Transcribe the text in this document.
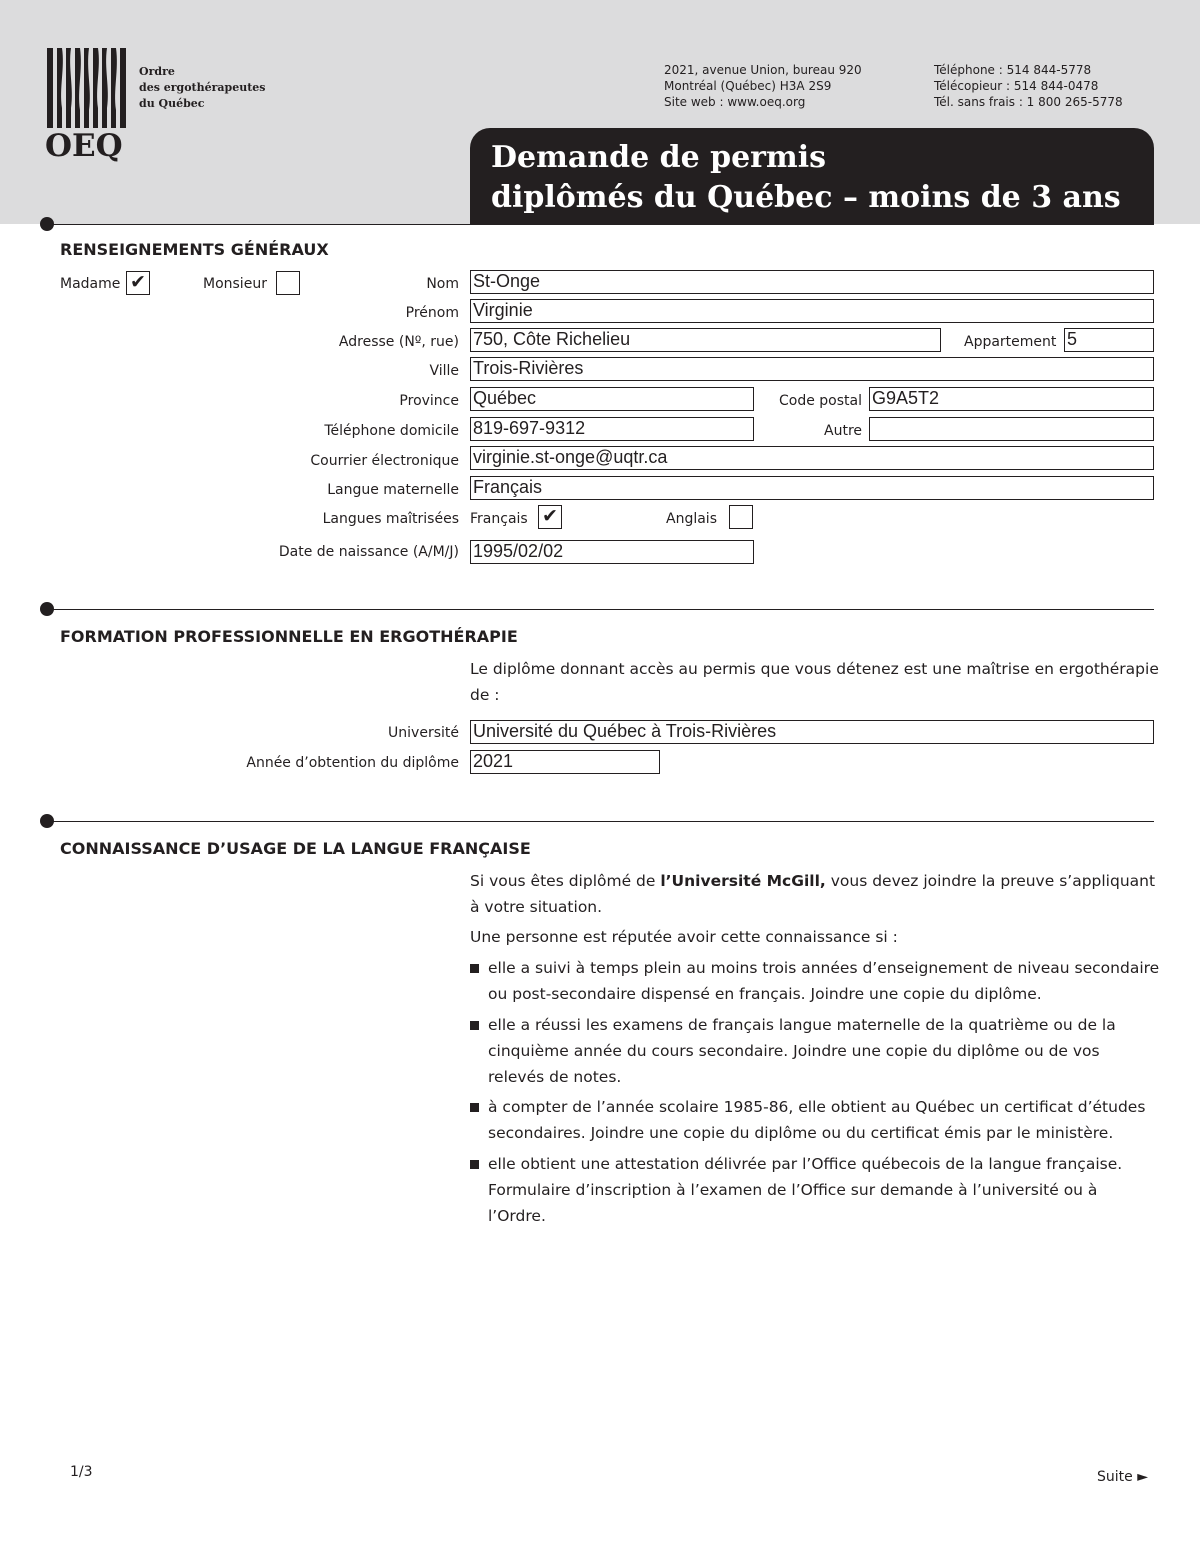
Ordre
des ergothérapeutes
du Québec
OEQ
2021, avenue Union, bureau 920
Montréal (Québec) H3A 2S9
Site web : www.oeq.org
Téléphone : 514 844-5778
Télécopieur : 514 844-0478
Tél. sans frais : 1 800 265-5778
Demande de permis
diplômés du Québec – moins de 3 ans
RENSEIGNEMENTS GÉNÉRAUX
Madame ✔	Monsieur	Nom St-Onge
Prénom Virginie
Adresse (Nº, rue) 750, Côte Richelieu	Appartement 5
Ville Trois-Rivières
Province Québec	Code postal G9A5T2
Téléphone domicile 819-697-9312	Autre
Courrier électronique virginie.st-onge@uqtr.ca
Langue maternelle Français
Langues maîtrisées Français ✔	Anglais
Date de naissance (A/M/J) 1995/02/02
FORMATION PROFESSIONNELLE EN ERGOTHÉRAPIE
Le diplôme donnant accès au permis que vous détenez est une maîtrise en ergothérapie de :
Université Université du Québec à Trois-Rivières
Année d’obtention du diplôme 2021
CONNAISSANCE D’USAGE DE LA LANGUE FRANÇAISE
Si vous êtes diplômé de l’Université McGill, vous devez joindre la preuve s’appliquant à votre situation.
Une personne est réputée avoir cette connaissance si :
elle a suivi à temps plein au moins trois années d’enseignement de niveau secondaire ou post-secondaire dispensé en français. Joindre une copie du diplôme.
elle a réussi les examens de français langue maternelle de la quatrième ou de la cinquième année du cours secondaire. Joindre une copie du diplôme ou de vos relevés de notes.
à compter de l’année scolaire 1985-86, elle obtient au Québec un certificat d’études secondaires. Joindre une copie du diplôme ou du certificat émis par le ministère.
elle obtient une attestation délivrée par l’Office québecois de la langue française. Formulaire d’inscription à l’examen de l’Office sur demande à l’université ou à l’Ordre.
1/3	Suite ►
